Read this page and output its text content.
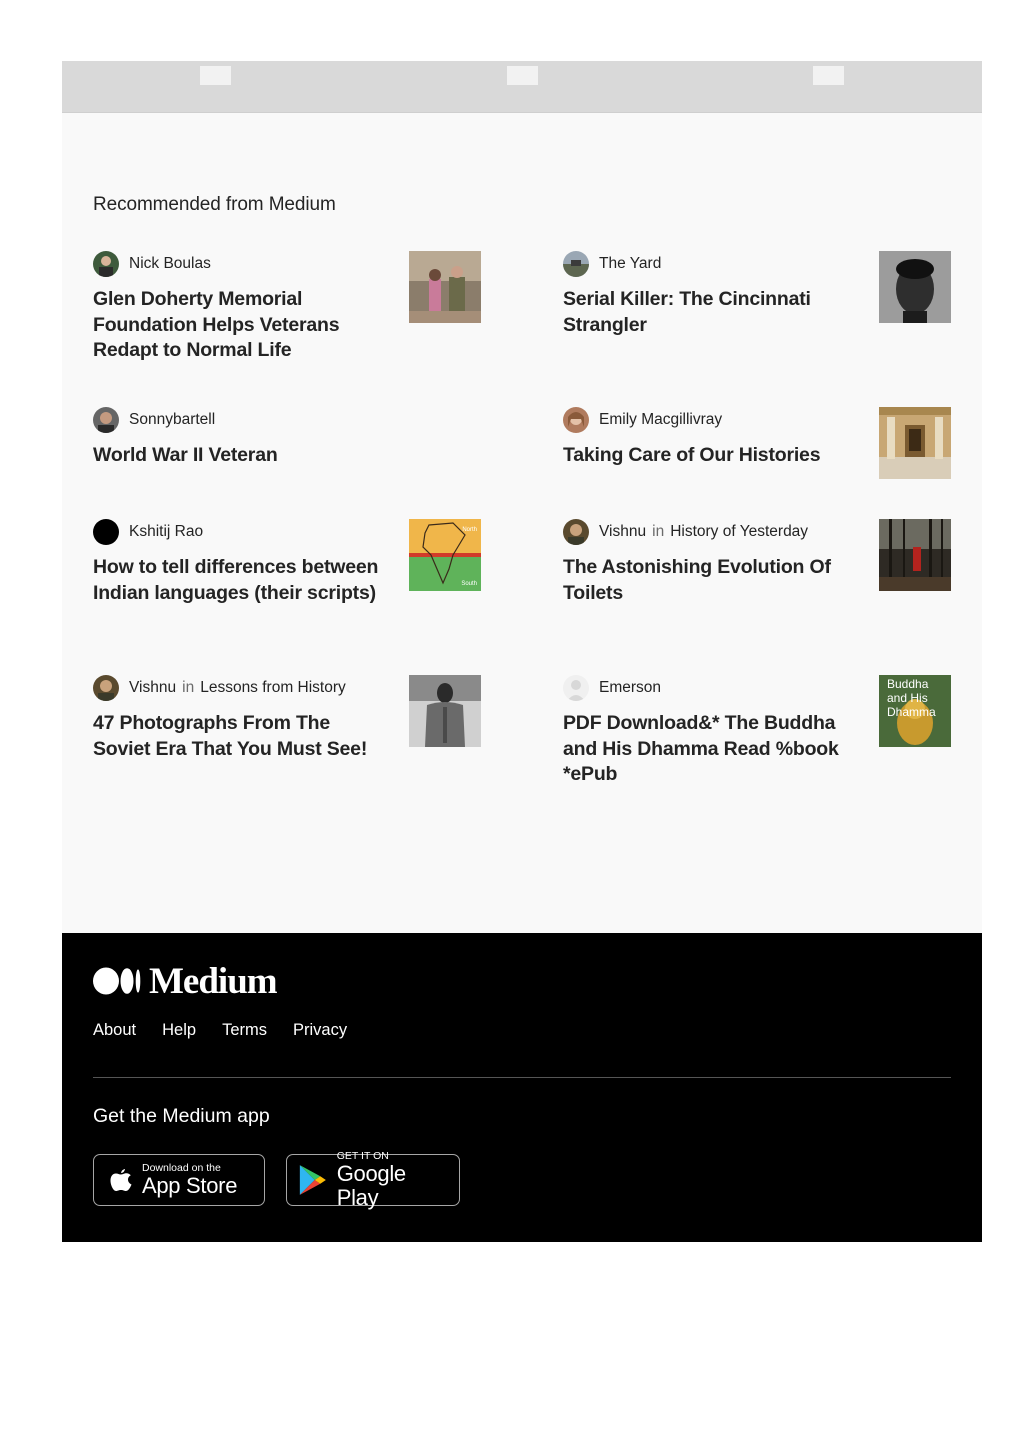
Recommended from Medium
Nick Boulas
Glen Doherty Memorial Foundation Helps Veterans Redapt to Normal Life
The Yard
Serial Killer: The Cincinnati Strangler
Sonnybartell
World War II Veteran
Emily Macgillivray
Taking Care of Our Histories
Kshitij Rao
How to tell differences between Indian languages (their scripts)
North
South
Vishnu in History of Yesterday
The Astonishing Evolution Of Toilets
Vishnu in Lessons from History
47 Photographs From The Soviet Era That You Must See!
Emerson
PDF Download&* The Buddha and His Dhamma Read %book *ePub
Buddha and His Dhamma
Medium
About Help Terms Privacy
Get the Medium app
Download on the
App Store
GET IT ON
Google Play
